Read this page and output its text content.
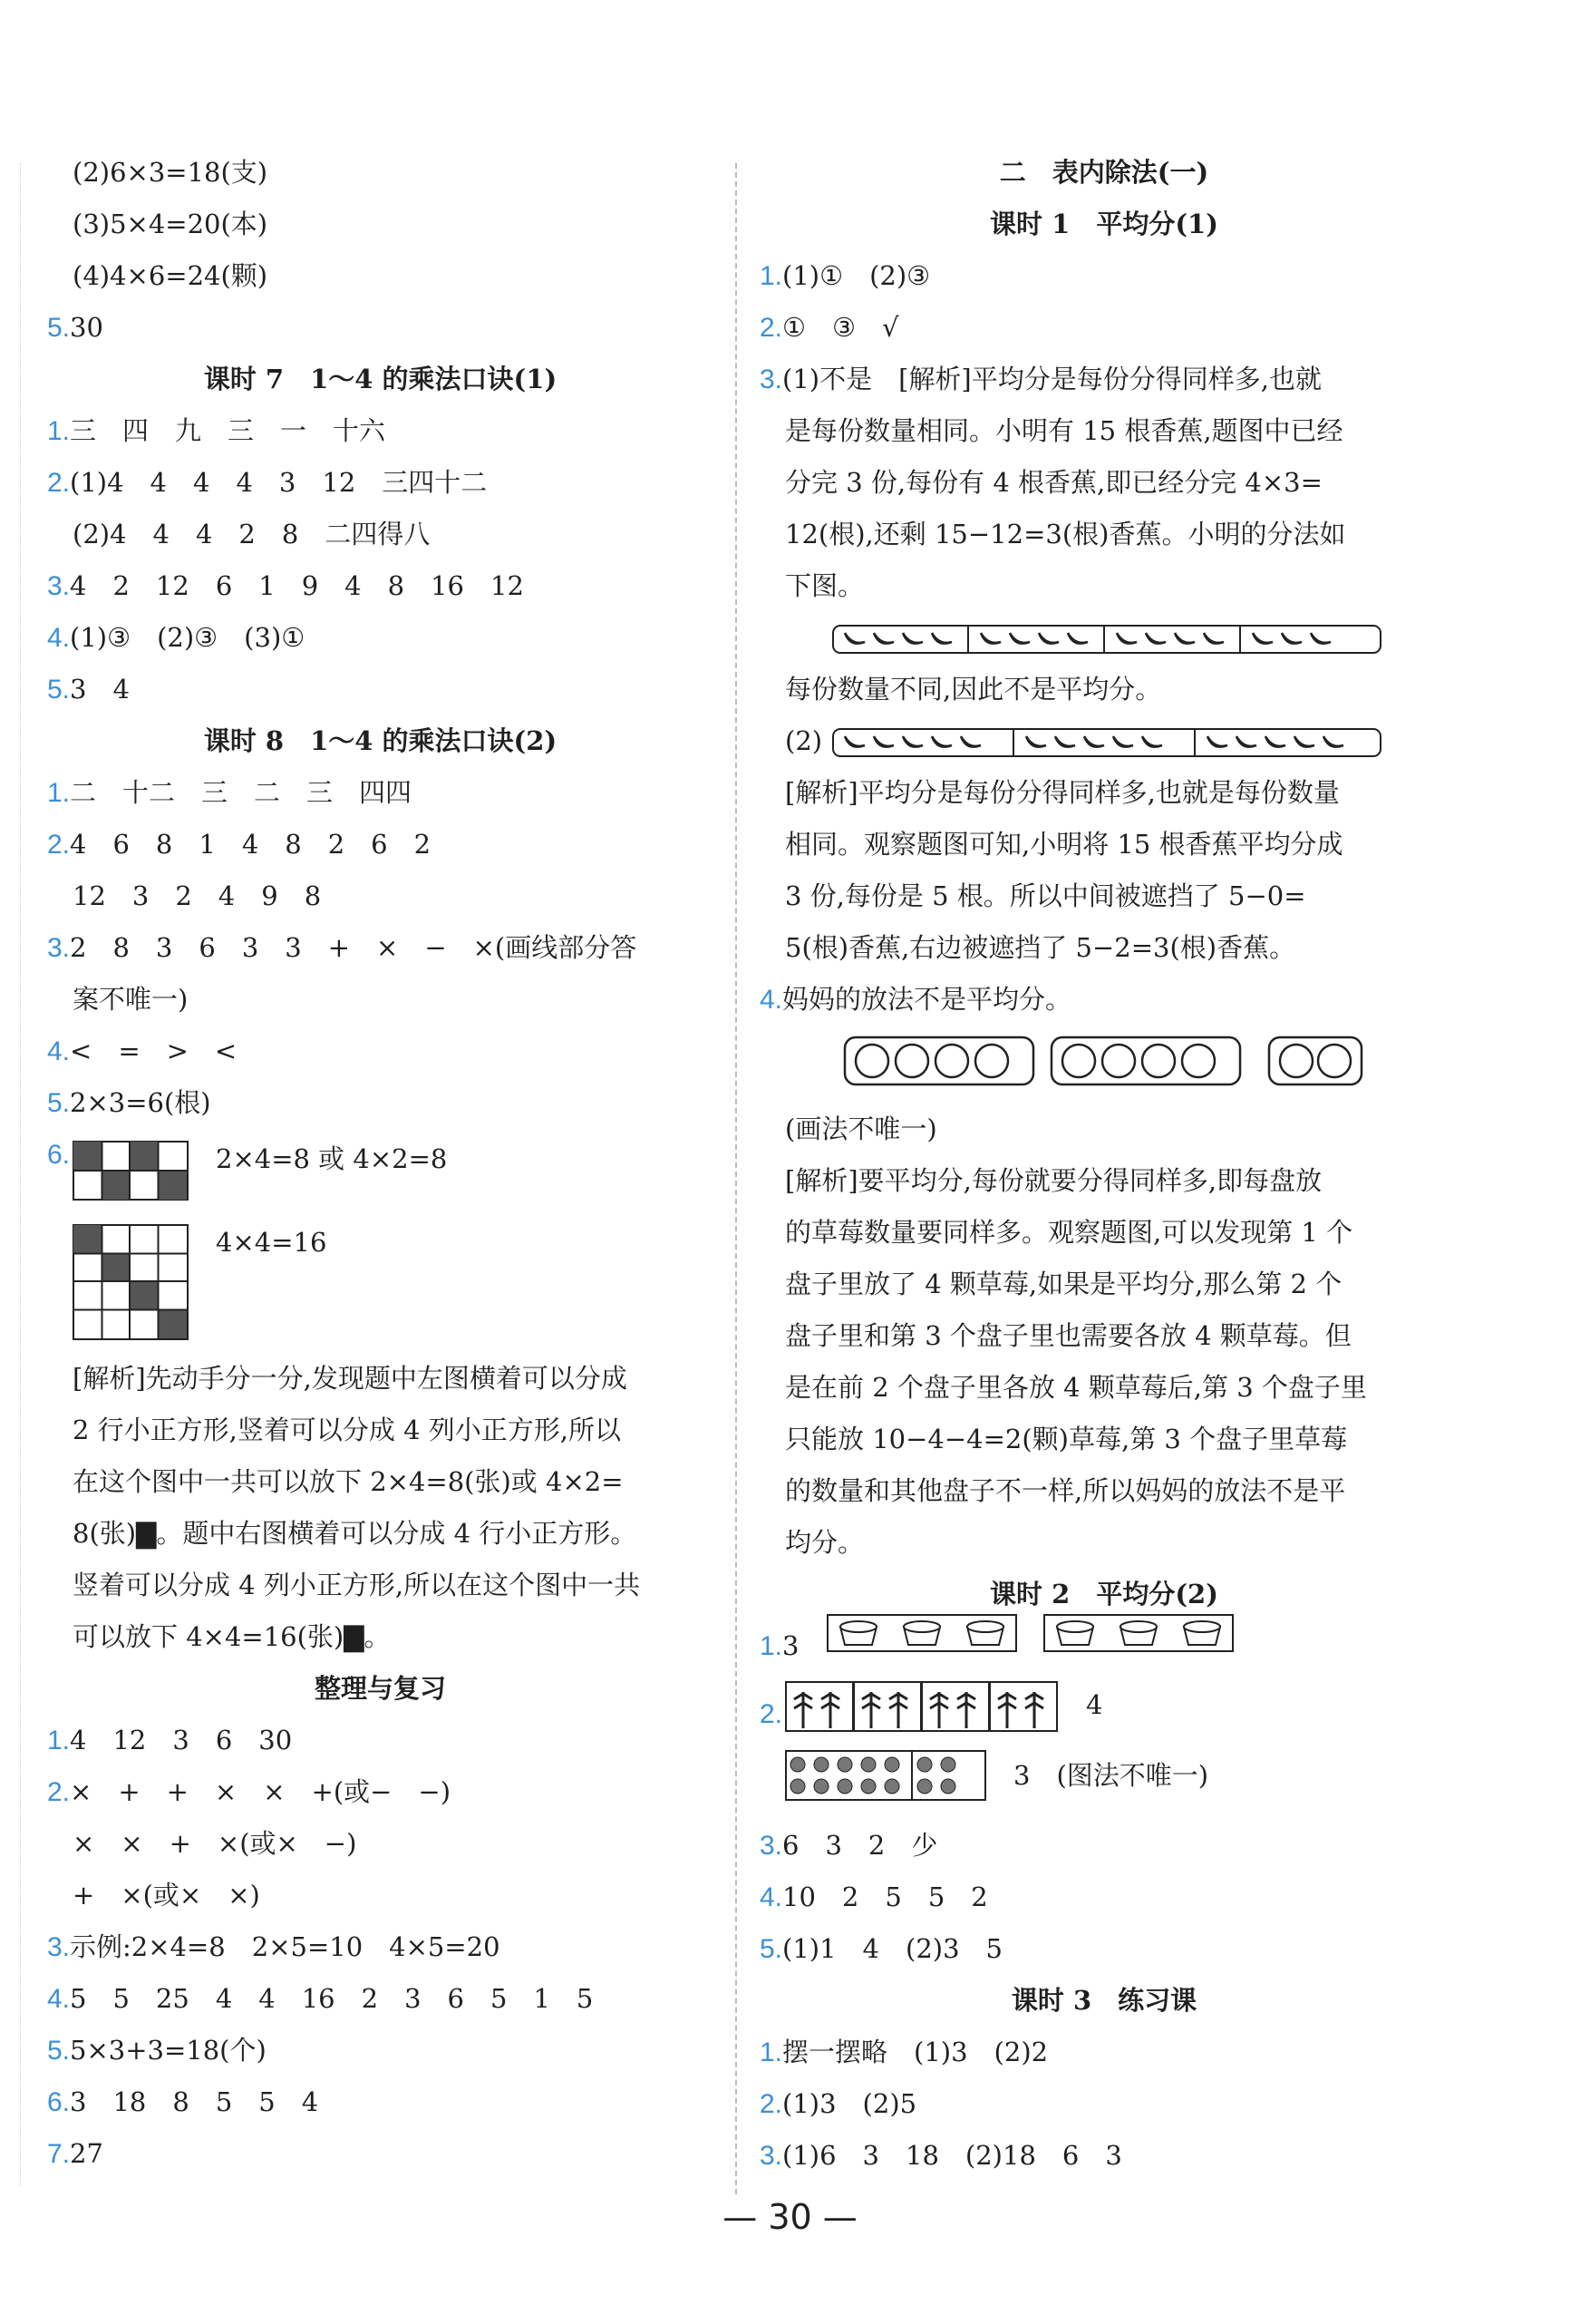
(2)6×3=18(支)
(3)5×4=20(本)
(4)4×6=24(颗)
5.30
课时 7　1～4 的乘法口诀(1)
1.三　四　九　三　一　十六
2.(1)4　4　4　4　3　12　三四十二
(2)4　4　4　2　8　二四得八
3.4　2　12　6　1　9　4　8　16　12
4.(1)③　(2)③　(3)①
5.3　4
课时 8　1～4 的乘法口诀(2)
1.二　十二　三　二　三　四四
2.4　6　8　1　4　8　2　6　2
12　3　2　4　9　8
3.2　8　3　6　3　3　+　×　−　×(画线部分答
案不唯一)
4.<　=　>　<
5.2×3=6(根)
6.
[解析]先动手分一分,发现题中左图横着可以分成
2 行小正方形,竖着可以分成 4 列小正方形,所以
在这个图中一共可以放下 2×4=8(张)或 4×2=
8(张)▇。题中右图横着可以分成 4 行小正方形。
竖着可以分成 4 列小正方形,所以在这个图中一共
可以放下 4×4=16(张)▇。
整理与复习
1.4　12　3　6　30
2.×　+　+　×　×　+(或−　−)
×　×　+　×(或×　−)
+　×(或×　×)
3.示例:2×4=8　2×5=10　4×5=20
4.5　5　25　4　4　16　2　3　6　5　1　5
5.5×3+3=18(个)
6.3　18　8　5　5　4
7.27
二　表内除法(一)
课时 1　平均分(1)
1.(1)①　(2)③
2.①　③　√
3.(1)不是　[解析]平均分是每份分得同样多,也就
是每份数量相同。小明有 15 根香蕉,题图中已经
分完 3 份,每份有 4 根香蕉,即已经分完 4×3=
12(根),还剩 15−12=3(根)香蕉。小明的分法如
下图。
每份数量不同,因此不是平均分。
(2)
[解析]平均分是每份分得同样多,也就是每份数量
相同。观察题图可知,小明将 15 根香蕉平均分成
3 份,每份是 5 根。所以中间被遮挡了 5−0=
5(根)香蕉,右边被遮挡了 5−2=3(根)香蕉。
4.妈妈的放法不是平均分。
(画法不唯一)
[解析]要平均分,每份就要分得同样多,即每盘放
的草莓数量要同样多。观察题图,可以发现第 1 个
盘子里放了 4 颗草莓,如果是平均分,那么第 2 个
盘子里和第 3 个盘子里也需要各放 4 颗草莓。但
是在前 2 个盘子里各放 4 颗草莓后,第 3 个盘子里
只能放 10−4−4=2(颗)草莓,第 3 个盘子里草莓
的数量和其他盘子不一样,所以妈妈的放法不是平
均分。
课时 2　平均分(2)
1.3
2.
3.6　3　2　少
4.10　2　5　5　2
5.(1)1　4　(2)3　5
课时 3　练习课
1.摆一摆略　(1)3　(2)2
2.(1)3　(2)5
3.(1)6　3　18　(2)18　6　3
2×4=8 或 4×2=8
4×4=16
4
3　(图法不唯一)
— 30 —
